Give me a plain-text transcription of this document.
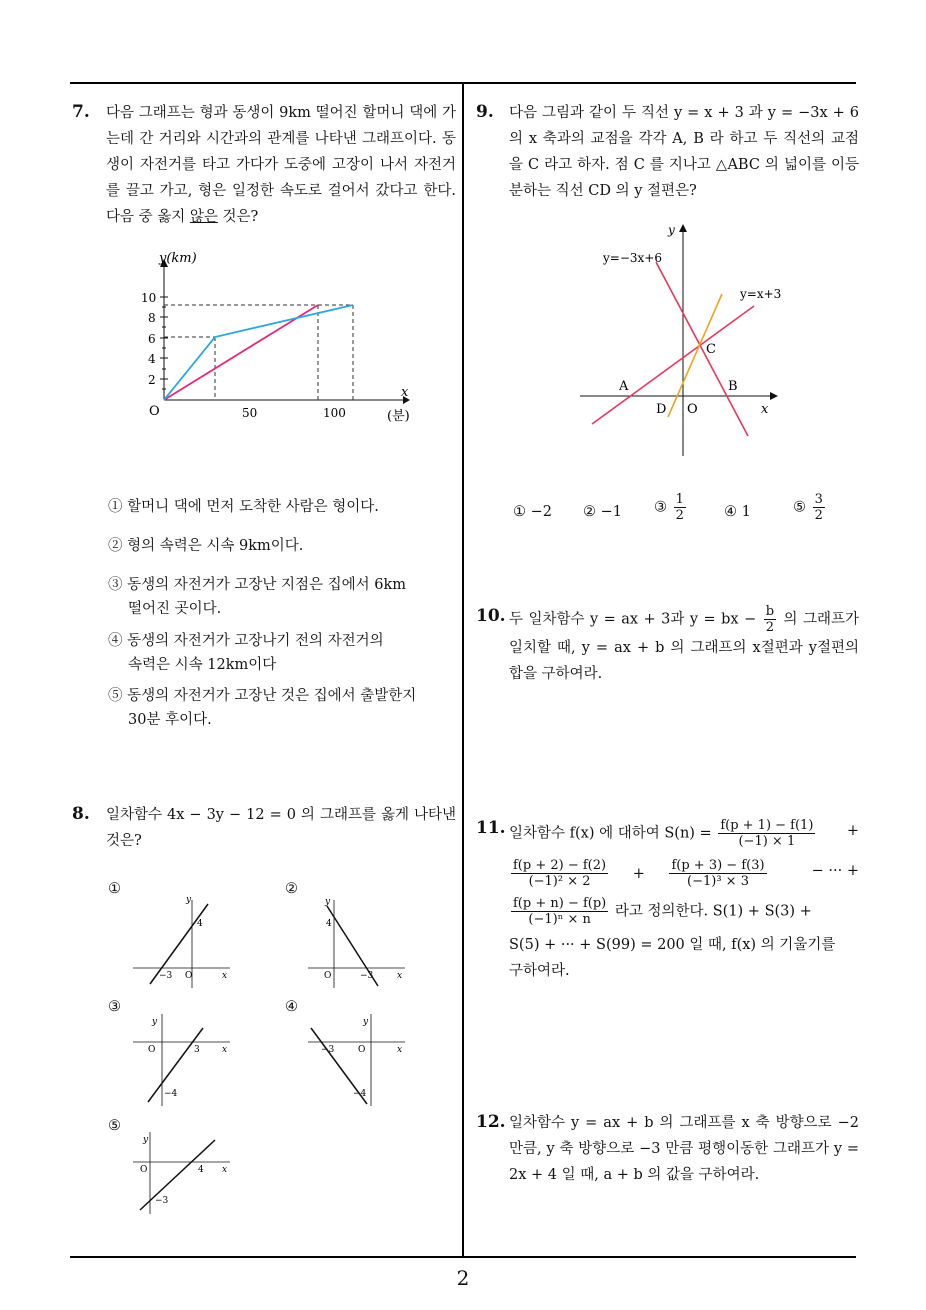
2
7. 다음 그래프는 형과 동생이 9km 떨어진 할머니 댁에 가는데 간 거리와 시간과의 관계를 나타낸 그래프이다. 동생이 자전거를 타고 가다가 도중에 고장이 나서 자전거를 끌고 가고, 형은 일정한 속도로 걸어서 갔다고 한다. 다음 중 옳지 않은 것은?
y(km)
x
O
10
8
6
4
2
50	100	(분)
① 할머니 댁에 먼저 도착한 사람은 형이다.
② 형의 속력은 시속 9km이다.
③ 동생의 자전거가 고장난 지점은 집에서 6km
떨어진 곳이다.
④ 동생의 자전거가 고장나기 전의 자전거의
속력은 시속 12km이다
⑤ 동생의 자전거가 고장난 것은 집에서 출발한지
30분 후이다.
8. 일차함수 4x − 3y − 12 = 0 의 그래프를 옳게 나타낸 것은?
①	②
③	④
⑤
y
4
−3 O	x
y
4
O	−3	x
y
O	3 x
−4
y
−3	O	x
−4
y
O	4 x
−3
9. 다음 그림과 같이 두 직선 y = x + 3 과 y = −3x + 6 의 x 축과의 교점을 각각 A, B 라 하고 두 직선의 교점을 C 라고 하자. 점 C 를 지나고 △ABC 의 넓이를 이등분하는 직선 CD 의 y 절편은?
y=−3x+6
y=x+3
y
A	B
C
D O	x
① −2 ② −1 ③ $\frac{1}{2}$	④ 1	⑤ $\frac{3}{2}$
10. 두 일차함수 y = ax + 3과 y = bx − $\frac{b}{2}$ 의 그래프가 일치할 때, y = ax + b 의 그래프의 x절편과 y절편의 합을 구하여라.
11. 일차함수 f(x) 에 대하여 $S(n) = \frac{f(p + 1) - f(1)}{(-1) \times 1}$ +
$\frac{f(p + 2) - f(2)}{\text{(−1)² × 2}} + \frac{f(p + 3) - f(3)}{\text{(−1)³ × 3}}$	− ··· +
$\frac{f(p + n) - f(p)}{\text{(−1)ⁿ × n}}$ 라고 정의한다. S(1) + S(3) +
S(5) + ··· + S(99) = 200 일 때, f(x) 의 기울기를
구하여라.
12. 일차함수 y = ax + b 의 그래프를 x 축 방향으로 −2 만큼, y 축 방향으로 −3 만큼 평행이동한 그래프가 y = 2x + 4 일 때, a + b 의 값을 구하여라.
